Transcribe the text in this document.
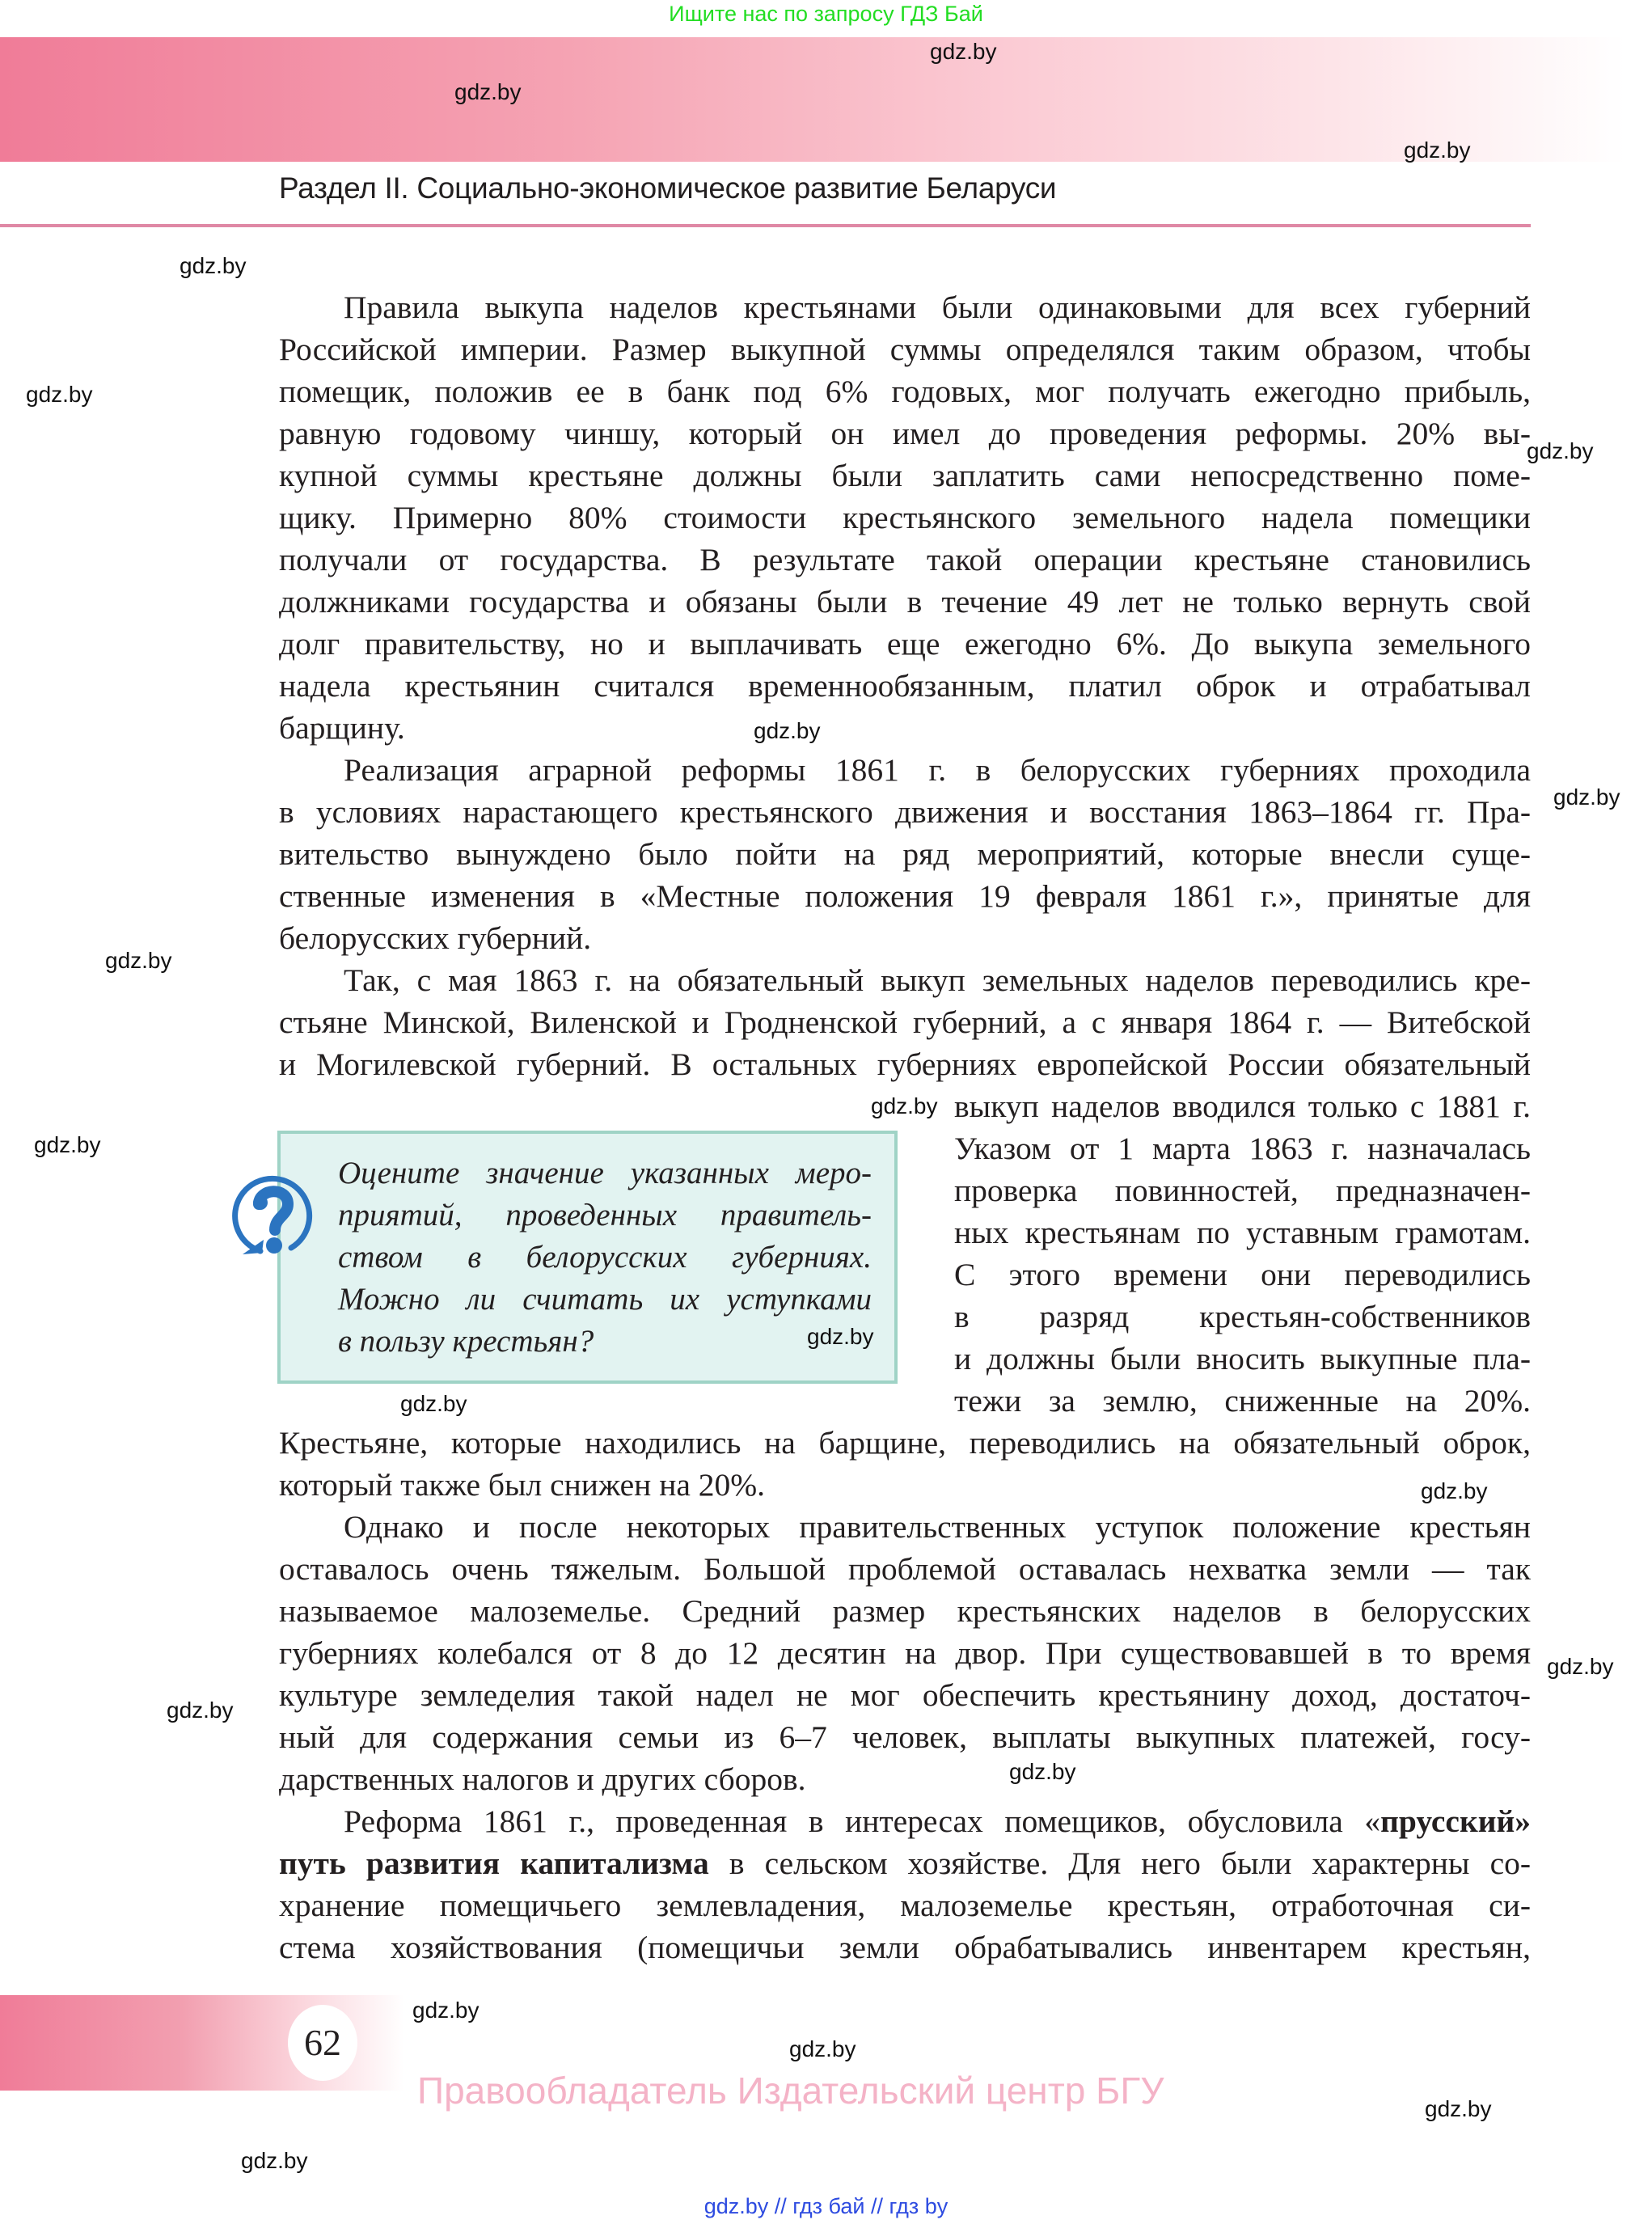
Ищите нас по запросу ГДЗ Бай
Раздел II. Социально-экономическое развитие Беларуси
Правила выкупа наделов крестьянами были одинаковыми для всех губерний
Российской империи. Размер выкупной суммы определялся таким образом, чтобы
помещик, положив ее в банк под 6% годовых, мог получать ежегодно прибыль,
равную годовому чиншу, который он имел до проведения реформы. 20% вы-
купной суммы крестьяне должны были заплатить сами непосредственно поме-
щику. Примерно 80% стоимости крестьянского земельного надела помещики
получали от государства. В результате такой операции крестьяне становились
должниками государства и обязаны были в течение 49 лет не только вернуть свой
долг правительству, но и выплачивать еще ежегодно 6%. До выкупа земельного
надела крестьянин считался временнообязанным, платил оброк и отрабатывал
барщину.
Реализация аграрной реформы 1861 г. в белорусских губерниях проходила
в условиях нарастающего крестьянского движения и восстания 1863–1864 гг. Пра-
вительство вынуждено было пойти на ряд мероприятий, которые внесли суще-
ственные изменения в «Местные положения 19 февраля 1861 г.», принятые для
белорусских губерний.
Так, с мая 1863 г. на обязательный выкуп земельных наделов переводились кре-
стьяне Минской, Виленской и Гродненской губерний, а с января 1864 г. — Витебской
и Могилевской губерний. В остальных губерниях европейской России обязательный
выкуп наделов вводился только с 1881 г.
Указом от 1 марта 1863 г. назначалась
проверка повинностей, предназначен-
ных крестьянам по уставным грамотам.
С этого времени они переводились
в разряд крестьян-собственников
и должны были вносить выкупные пла-
тежи за землю, сниженные на 20%.
Крестьяне, которые находились на барщине, переводились на обязательный оброк,
который также был снижен на 20%.
Однако и после некоторых правительственных уступок положение крестьян
оставалось очень тяжелым. Большой проблемой оставалась нехватка земли — так
называемое малоземелье. Средний размер крестьянских наделов в белорусских
губерниях колебался от 8 до 12 десятин на двор. При существовавшей в то время
культуре земледелия такой надел не мог обеспечить крестьянину доход, достаточ-
ный для содержания семьи из 6–7 человек, выплаты выкупных платежей, госу-
дарственных налогов и других сборов.
Реформа 1861 г., проведенная в интересах помещиков, обусловила «прусский»
путь развития капитализма в сельском хозяйстве. Для него были характерны со-
хранение помещичьего землевладения, малоземелье крестьян, отработочная си-
стема хозяйствования (помещичьи земли обрабатывались инвентарем крестьян,
Оцените значение указанных меро-
приятий, проведенных правитель-
ством в белорусских губерниях.
Можно ли считать их уступками
в пользу крестьян?
62
Правообладатель Издательский центр БГУ
gdz.by // гдз бай // гдз by
gdz.by
gdz.by
gdz.by
gdz.by
gdz.by
gdz.by
gdz.by
gdz.by
gdz.by
gdz.by
gdz.by
gdz.by
gdz.by
gdz.by
gdz.by
gdz.by
gdz.by
gdz.by
gdz.by
gdz.by
gdz.by
